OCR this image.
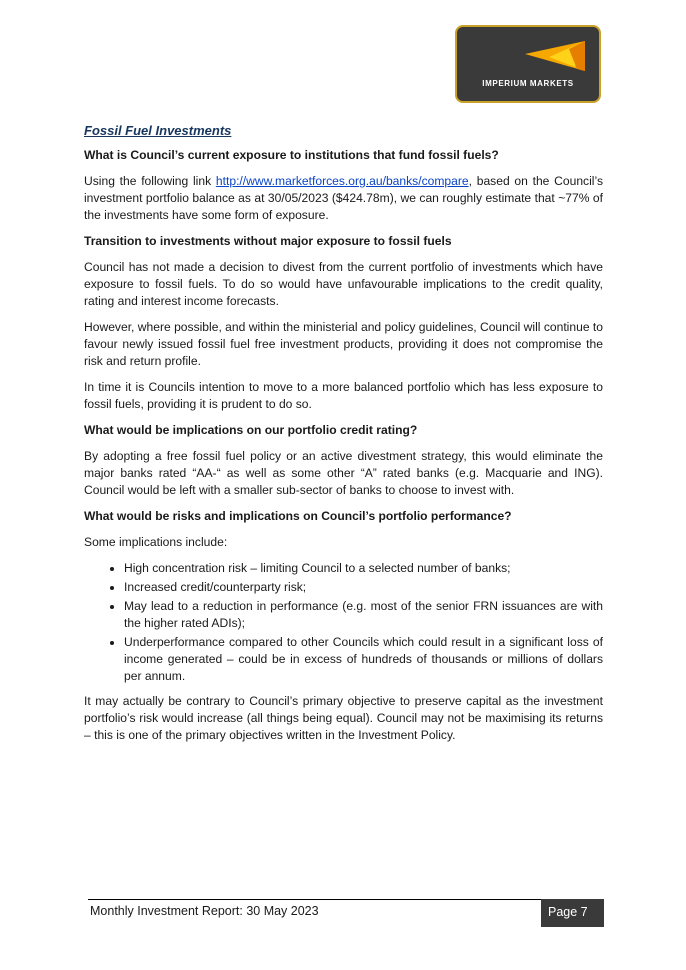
IMPERIUM MARKETS
Fossil Fuel Investments
What is Council’s current exposure to institutions that fund fossil fuels?

Using the following link http://www.marketforces.org.au/banks/compare, based on the Council’s investment portfolio balance as at 30/05/2023 ($424.78m), we can roughly estimate that ~77% of the investments have some form of exposure.

Transition to investments without major exposure to fossil fuels

Council has not made a decision to divest from the current portfolio of investments which have exposure to fossil fuels. To do so would have unfavourable implications to the credit quality, rating and interest income forecasts.

However, where possible, and within the ministerial and policy guidelines, Council will continue to favour newly issued fossil fuel free investment products, providing it does not compromise the risk and return profile.

In time it is Councils intention to move to a more balanced portfolio which has less exposure to fossil fuels, providing it is prudent to do so.

What would be implications on our portfolio credit rating?

By adopting a free fossil fuel policy or an active divestment strategy, this would eliminate the major banks rated “AA-“ as well as some other “A” rated banks (e.g. Macquarie and ING). Council would be left with a smaller sub-sector of banks to choose to invest with.

What would be risks and implications on Council’s portfolio performance?

Some implications include:

• High concentration risk – limiting Council to a selected number of banks;
• Increased credit/counterparty risk;
• May lead to a reduction in performance (e.g. most of the senior FRN issuances are with the higher rated ADIs);
• Underperformance compared to other Councils which could result in a significant loss of income generated – could be in excess of hundreds of thousands or millions of dollars per annum.

It may actually be contrary to Council’s primary objective to preserve capital as the investment portfolio’s risk would increase (all things being equal). Council may not be maximising its returns – this is one of the primary objectives written in the Investment Policy.

Monthly Investment Report: 30 May 2023	Page 7
